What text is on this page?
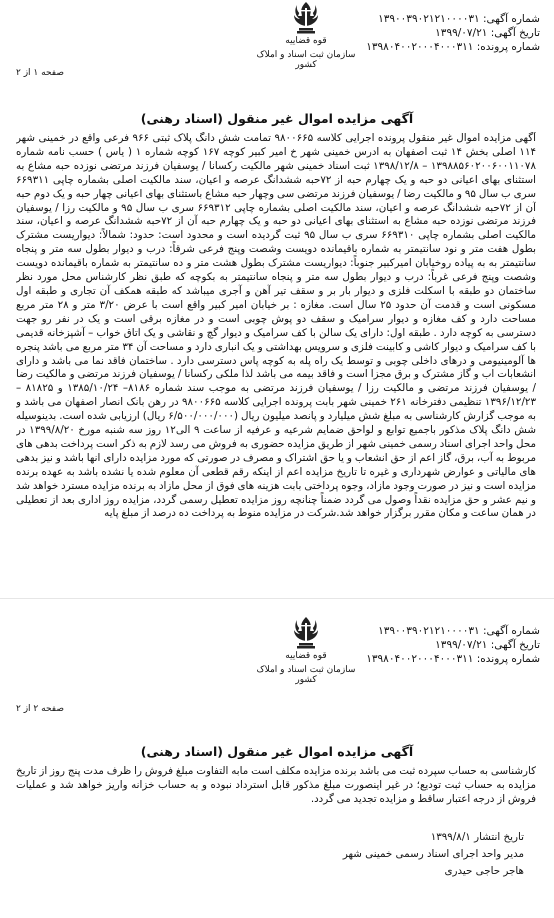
شماره آگهی: ۱۳۹۰۰۳۹۰۲۱۲۱۰۰۰۰۳۱
تاریخ آگهی: ۱۳۹۹/۰۷/۲۱
شماره پرونده: ۱۳۹۸۰۴۰۰۲۰۰۰۴۰۰۰۳۱۱
قوه قضاییه
سازمان ثبت اسناد و املاک کشور
صفحه ۱ از ۲
آگهی مزایده اموال غیر منقول (اسناد رهنی)
آگهی مزایده اموال غیر منقول پرونده اجرایی کلاسه ۹۸۰۰۶۶۵ تمامت شش دانگ پلاک ثبتی ۹۶۶ فرعی واقع در خمینی شهر ۱۱۴ اصلی بخش ۱۴ ثبت اصفهان به ادرس خمینی شهر خ امیر کبیر کوچه ۱۶۷ کوچه شماره ۱ ( یاس ) حسب نامه شماره ۱۳۹۸۸۵۶۰۲۰۰۶۰۰۱۱۰۷۸ – ۱۳۹۸/۱۲/۸ ثبت اسناد خمینی شهر مالکیت رکسانا / یوسفیان فرزند مرتضی نوزده حبه مشاع به استثنای بهای اعیانی دو حبه و یک چهارم حبه از ۷۲حبه ششدانگ عرصه و اعیان، سند مالکیت اصلی بشماره چاپی ۶۶۹۳۱۱ سری ب سال ۹۵ و مالکیت رضا / یوسفیان فرزند مرتضی سی وچهار حبه مشاع باستثنای بهای اعیانی چهار حبه و یک دوم حبه آن از ۷۲حبه ششدانگ عرصه و اعیان، سند مالکیت اصلی بشماره چاپی ۶۶۹۳۱۲ سری ب سال ۹۵ و مالکیت رزا / یوسفیان فرزند مرتضی نوزده حبه مشاع به استثنای بهای اعیانی دو حبه و یک چهارم حبه آن از ۷۲حبه ششدانگ عرصه و اعیان، سند مالکیت اصلی بشماره چاپی ۶۶۹۳۱۰ سری ب سال ۹۵ ثبت گردیده است و محدود است: حدود: شمالاً: دیواریست مشترک بطول هفت متر و نود سانتیمتر به شماره باقیمانده دویست وشصت وپنج فرعی شرقاً: درب و دیوار بطول سه متر و پنجاه سانتیمتر به به پیاده روخیابان امیرکبیر جنوباً: دیواریست مشترک بطول هشت متر و ده سانتیمتر به شماره باقیمانده دویست وشصت وپنج فرعی غرباً: درب و دیوار بطول سه متر و پنجاه سانتیمتر به بکوچه که طبق نظر کارشناس محل مورد نظر ساختمان دو طبقه با اسکلت فلزی و دیوار بار بر و سقف تیر آهن و آجری میباشد که طبقه همکف آن تجاری و طبقه اول مسکونی است و قدمت آن حدود ۲۵ سال است. مغازه : بر خیابان امیر کبیر واقع است با عرض ۳/۲۰ متر و ۲۸ متر مربع مساحت دارد و کف مغازه و دیوار سرامیک و سقف دو پوش چوبی است و در مغازه برقی است و یک در نفر رو جهت دسترسی به کوچه دارد . طبقه اول: دارای یک سالن با کف سرامیک و دیوار گچ و نقاشی و یک اتاق خواب – آشپزخانه قدیمی با کف سرامیک و دیوار کاشی و کابینت فلزی و سرویس بهداشتی و یک انباری دارد و مساحت آن ۳۴ متر مربع می باشد پنجره ها آلومینیومی و درهای داخلی چوبی و توسط یک راه پله به کوچه پاس دسترسی دارد . ساختمان فاقد نما می باشد و دارای انشعابات اب و گاز مشترک و برق مجزا است و فاقد بیمه می باشد لذا ملکی رکسانا / یوسفیان فرزند مرتضی و مالکیت رضا / یوسفیان فرزند مرتضی و مالکیت رزا / یوسفیان فرزند مرتضی به موجب سند شماره ۸۱۸۶– ۱۳۸۵/۱۰/۲۴ و ۸۱۸۲۵ – ۱۳۹۶/۱۲/۲۳ تنظیمی دفترخانه ۲۶۱ خمینی شهر بابت پرونده اجرایی کلاسه ۹۸۰۰۶۶۵ در رهن بانک انصار اصفهان می باشد و به موجب گزارش کارشناسی به مبلغ شش میلیارد و پانصد میلیون ریال (۶/۵۰۰/۰۰۰/۰۰۰ ریال) ارزیابی شده است. بدینوسیله شش دانگ پلاک مذکور باجمیع توابع و لواحق ضمایم شرعیه و عرفیه از ساعت ۹ الی۱۲ روز سه شنبه مورخ ۱۳۹۹/۸/۲۰ در محل واحد اجرای اسناد رسمی خمینی شهر از طریق مزایده حضوری به فروش می رسد لازم به ذکر است پرداخت بدهی های مربوط به آب، برق، گاز اعم از حق انشعاب و یا حق اشتراک و مصرف در صورتی که مورد مزایده دارای انها باشد و نیز بدهی های مالیاتی و عوارض شهرداری و غیره تا تاریخ مزایده اعم از اینکه رقم قطعی آن معلوم شده یا نشده باشد به عهده برنده مزایده است و نیز در صورت وجود مازاد، وجوه پرداختی بابت هزینه های فوق از محل مازاد به برنده مزایده مسترد خواهد شد و نیم عشر و حق مزایده نقداً وصول می گردد ضمناً چنانچه روز مزایده تعطیل رسمی گردد، مزایده روز اداری بعد از تعطیلی در همان ساعت و مکان مقرر برگزار خواهد شد.شرکت در مزایده منوط به پرداخت ده درصد از مبلغ پایه
شماره آگهی: ۱۳۹۰۰۳۹۰۲۱۲۱۰۰۰۰۳۱
تاریخ آگهی: ۱۳۹۹/۰۷/۲۱
شماره پرونده: ۱۳۹۸۰۴۰۰۲۰۰۰۴۰۰۰۳۱۱
قوه قضاییه
سازمان ثبت اسناد و املاک کشور
صفحه ۲ از ۲
آگهی مزایده اموال غیر منقول (اسناد رهنی)
کارشناسی به حساب سپرده ثبت می باشد برنده مزایده مکلف است مابه التفاوت مبلغ فروش را ظرف مدت پنج روز از تاریخ مزایده به حساب ثبت تودیع؛ در غیر اینصورت مبلغ مذکور قابل استرداد نبوده و به حساب خزانه واریز خواهد شد و عملیات فروش از درجه اعتبار ساقط و مزایده تجدید می گردد.
تاریخ انتشار ۱۳۹۹/۸/۱
مدیر واحد اجرای اسناد رسمی خمینی شهر
هاجر حاجی حیدری
